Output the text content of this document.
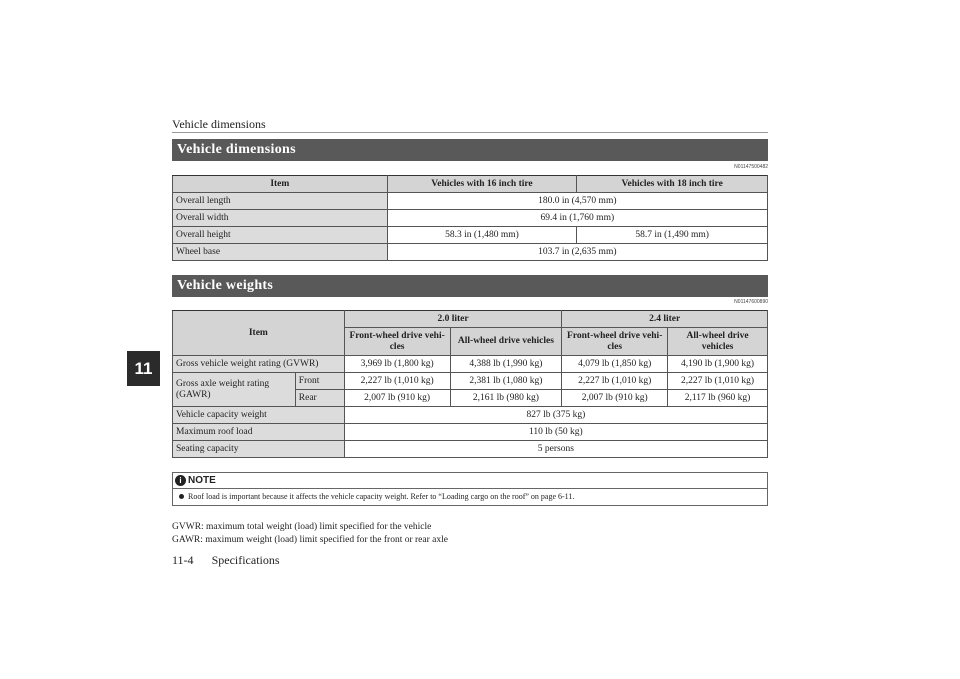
Vehicle dimensions
11
Vehicle dimensions
N01147500482
Item	Vehicles with 16 inch tire	Vehicles with 18 inch tire
Overall length	180.0 in (4,570 mm)	
Overall width	69.4 in (1,760 mm)	
Overall height	58.3 in (1,480 mm)	58.7 in (1,490 mm)
Wheel base	103.7 in (2,635 mm)	
Vehicle weights
N01147600890
Item		2.0 liter		2.4 liter	
		Front-wheel drive vehi-cles	All-wheel drive vehicles	Front-wheel drive vehi-cles	All-wheel drive vehicles
Gross vehicle weight rating (GVWR)		3,969 lb (1,800 kg)	4,388 lb (1,990 kg)	4,079 lb (1,850 kg)	4,190 lb (1,900 kg)
Gross axle weight rating (GAWR)	Front	2,227 lb (1,010 kg)	2,381 lb (1,080 kg)	2,227 lb (1,010 kg)	2,227 lb (1,010 kg)
	Rear	2,007 lb (910 kg)	2,161 lb (980 kg)	2,007 lb (910 kg)	2,117 lb (960 kg)
Vehicle capacity weight		827 lb (375 kg)			
Maximum roof load		110 lb (50 kg)			
Seating capacity		5 persons			
i NOTE
Roof load is important because it affects the vehicle capacity weight. Refer to “Loading cargo on the roof” on page 6-11.
GVWR: maximum total weight (load) limit specified for the vehicle
GAWR: maximum weight (load) limit specified for the front or rear axle
11-4 Specifications
